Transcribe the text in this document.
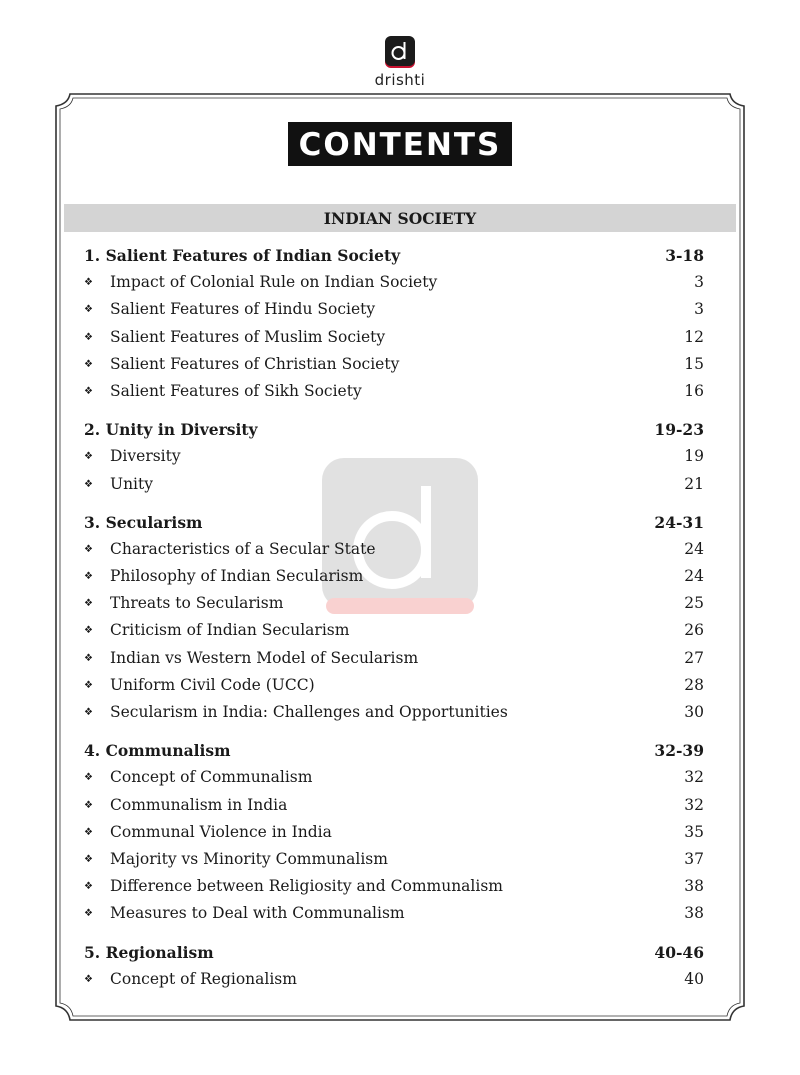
drishti
CONTENTS
INDIAN SOCIETY
1. Salient Features of Indian Society	3-18
❖ Impact of Colonial Rule on Indian Society	3
❖ Salient Features of Hindu Society	3
❖ Salient Features of Muslim Society	12
❖ Salient Features of Christian Society	15
❖ Salient Features of Sikh Society	16
2. Unity in Diversity	19-23
❖ Diversity	19
❖ Unity	21
3. Secularism	24-31
❖ Characteristics of a Secular State	24
❖ Philosophy of Indian Secularism	24
❖ Threats to Secularism	25
❖ Criticism of Indian Secularism	26
❖ Indian vs Western Model of Secularism	27
❖ Uniform Civil Code (UCC)	28
❖ Secularism in India: Challenges and Opportunities	30
4. Communalism	32-39
❖ Concept of Communalism	32
❖ Communalism in India	32
❖ Communal Violence in India	35
❖ Majority vs Minority Communalism	37
❖ Difference between Religiosity and Communalism	38
❖ Measures to Deal with Communalism	38
5. Regionalism	40-46
❖ Concept of Regionalism	40
